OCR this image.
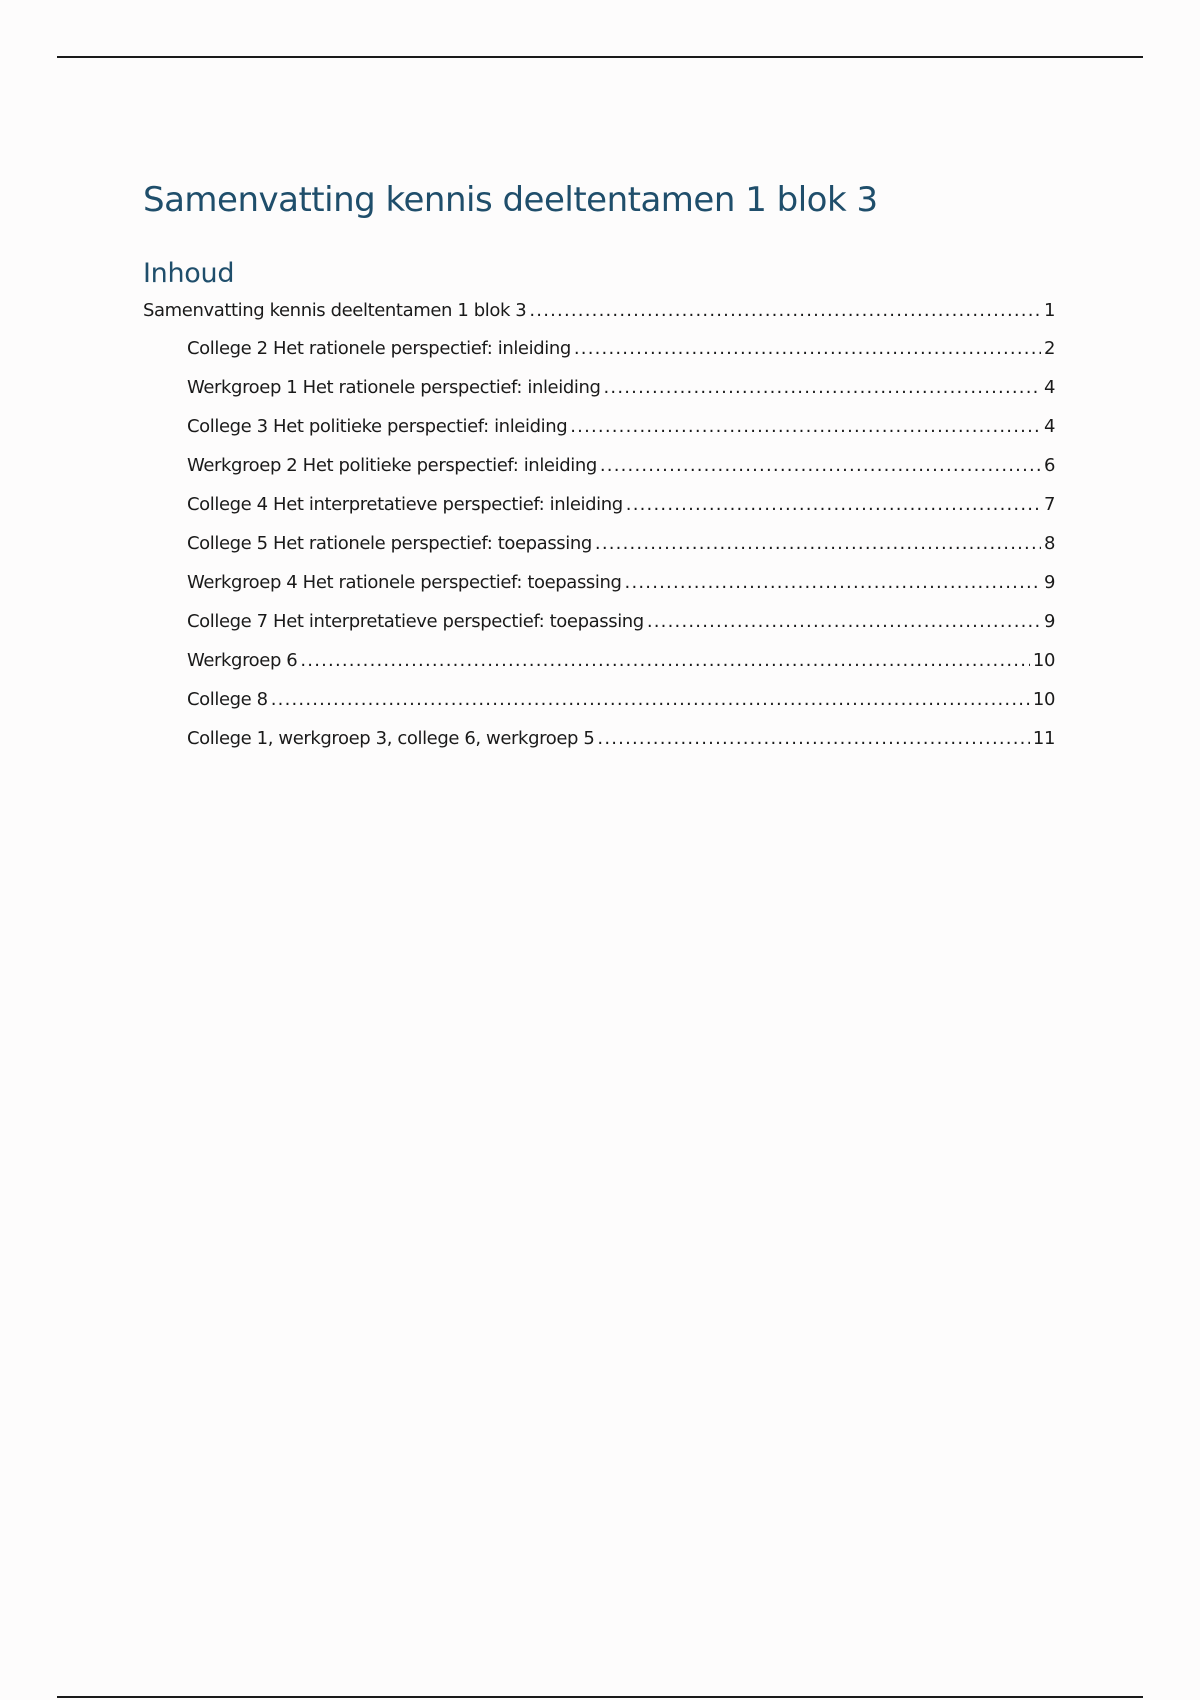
Samenvatting kennis deeltentamen 1 blok 3
Inhoud
Samenvatting kennis deeltentamen 1 blok 3 .....	1
College 2 Het rationele perspectief: inleiding .....	2
Werkgroep 1 Het rationele perspectief: inleiding .....	4
College 3 Het politieke perspectief: inleiding .....	4
Werkgroep 2 Het politieke perspectief: inleiding .....	6
College 4 Het interpretatieve perspectief: inleiding .....	7
College 5 Het rationele perspectief: toepassing .....	8
Werkgroep 4 Het rationele perspectief: toepassing .....	9
College 7 Het interpretatieve perspectief: toepassing .....	9
Werkgroep 6 .....	10
College 8 .....	10
College 1, werkgroep 3, college 6, werkgroep 5 .....	11
